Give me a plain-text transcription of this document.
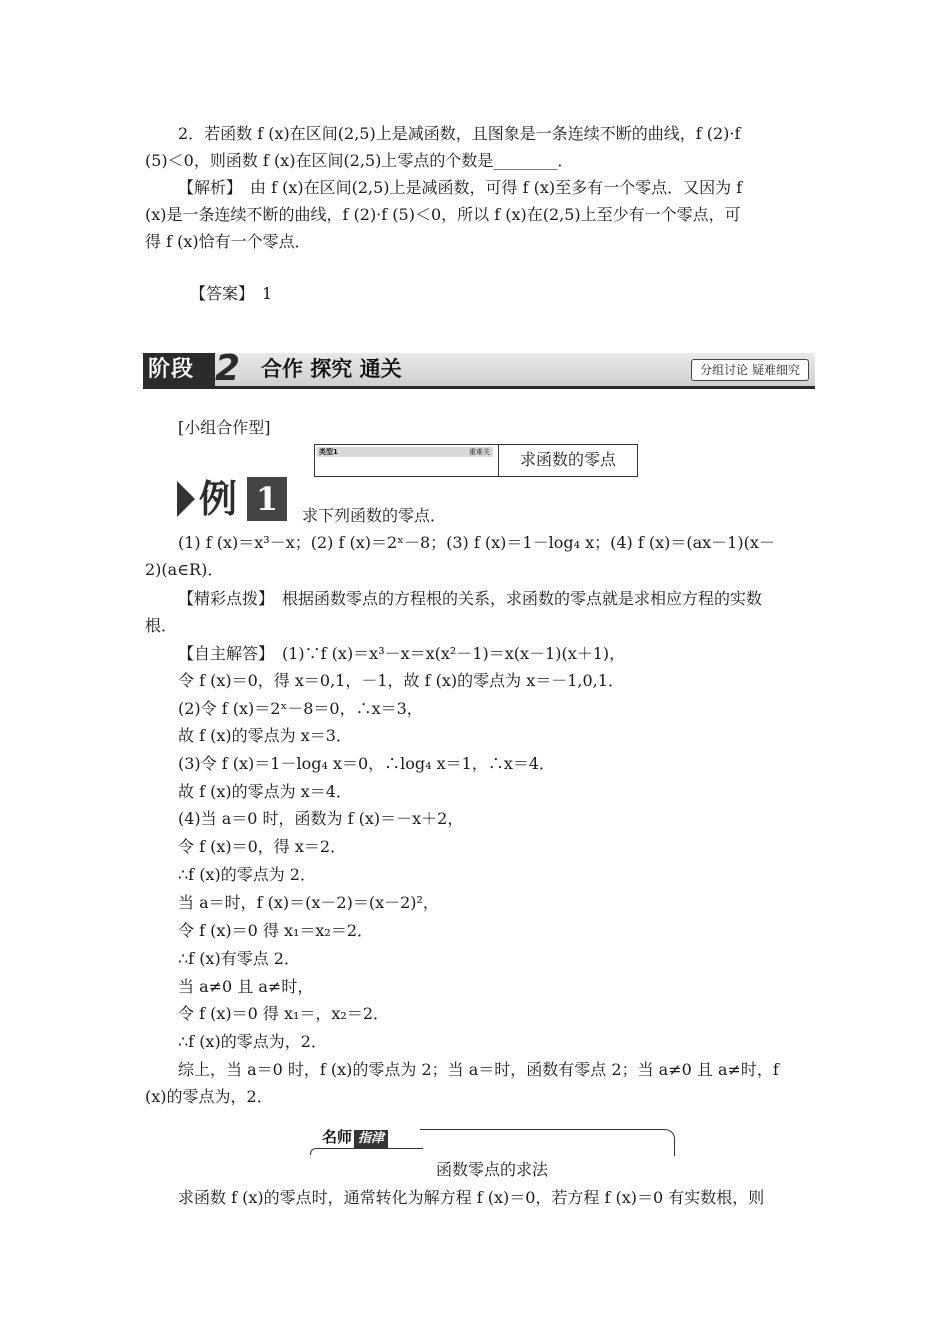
2．若函数 f (x)在区间(2,5)上是减函数，且图象是一条连续不断的曲线，f (2)·f
(5)＜0，则函数 f (x)在区间(2,5)上零点的个数是________．
【解析】　由 f (x)在区间(2,5)上是减函数，可得 f (x)至多有一个零点．又因为 f
(x)是一条连续不断的曲线，f (2)·f (5)＜0，所以 f (x)在(2,5)上至少有一个零点，可
得 f (x)恰有一个零点．
【答案】　1
阶段 2 合作 探究 通关	分组讨论 疑难细究
[小组合作型]
类型1	重难关 求函数的零点
例 1	求下列函数的零点．
(1) f (x)＝x³－x；(2) f (x)＝2ˣ－8；(3) f (x)＝1－log₄ x；(4) f (x)＝(ax－1)(x－
2)(a∈R)．
【精彩点拨】　根据函数零点的方程根的关系，求函数的零点就是求相应方程的实数
根．
【自主解答】　(1)∵f (x)＝x³－x＝x(x²－1)＝x(x－1)(x＋1)，
令 f (x)＝0，得 x＝0,1，－1，故 f (x)的零点为 x＝－1,0,1．
(2)令 f (x)＝2ˣ－8＝0，∴x＝3，
故 f (x)的零点为 x＝3．
(3)令 f (x)＝1－log₄ x＝0，∴log₄ x＝1，∴x＝4．
故 f (x)的零点为 x＝4．
(4)当 a＝0 时，函数为 f (x)＝－x＋2，
令 f (x)＝0，得 x＝2．
∴f (x)的零点为 2．
当 a＝时，f (x)＝(x－2)＝(x－2)²，
令 f (x)＝0 得 x₁＝x₂＝2．
∴f (x)有零点 2．
当 a≠0 且 a≠时，
令 f (x)＝0 得 x₁＝，x₂＝2．
∴f (x)的零点为，2．
综上，当 a＝0 时，f (x)的零点为 2；当 a＝时，函数有零点 2；当 a≠0 且 a≠时，f
(x)的零点为，2．
名师 指津
函数零点的求法
求函数 f (x)的零点时，通常转化为解方程 f (x)＝0，若方程 f (x)＝0 有实数根，则
